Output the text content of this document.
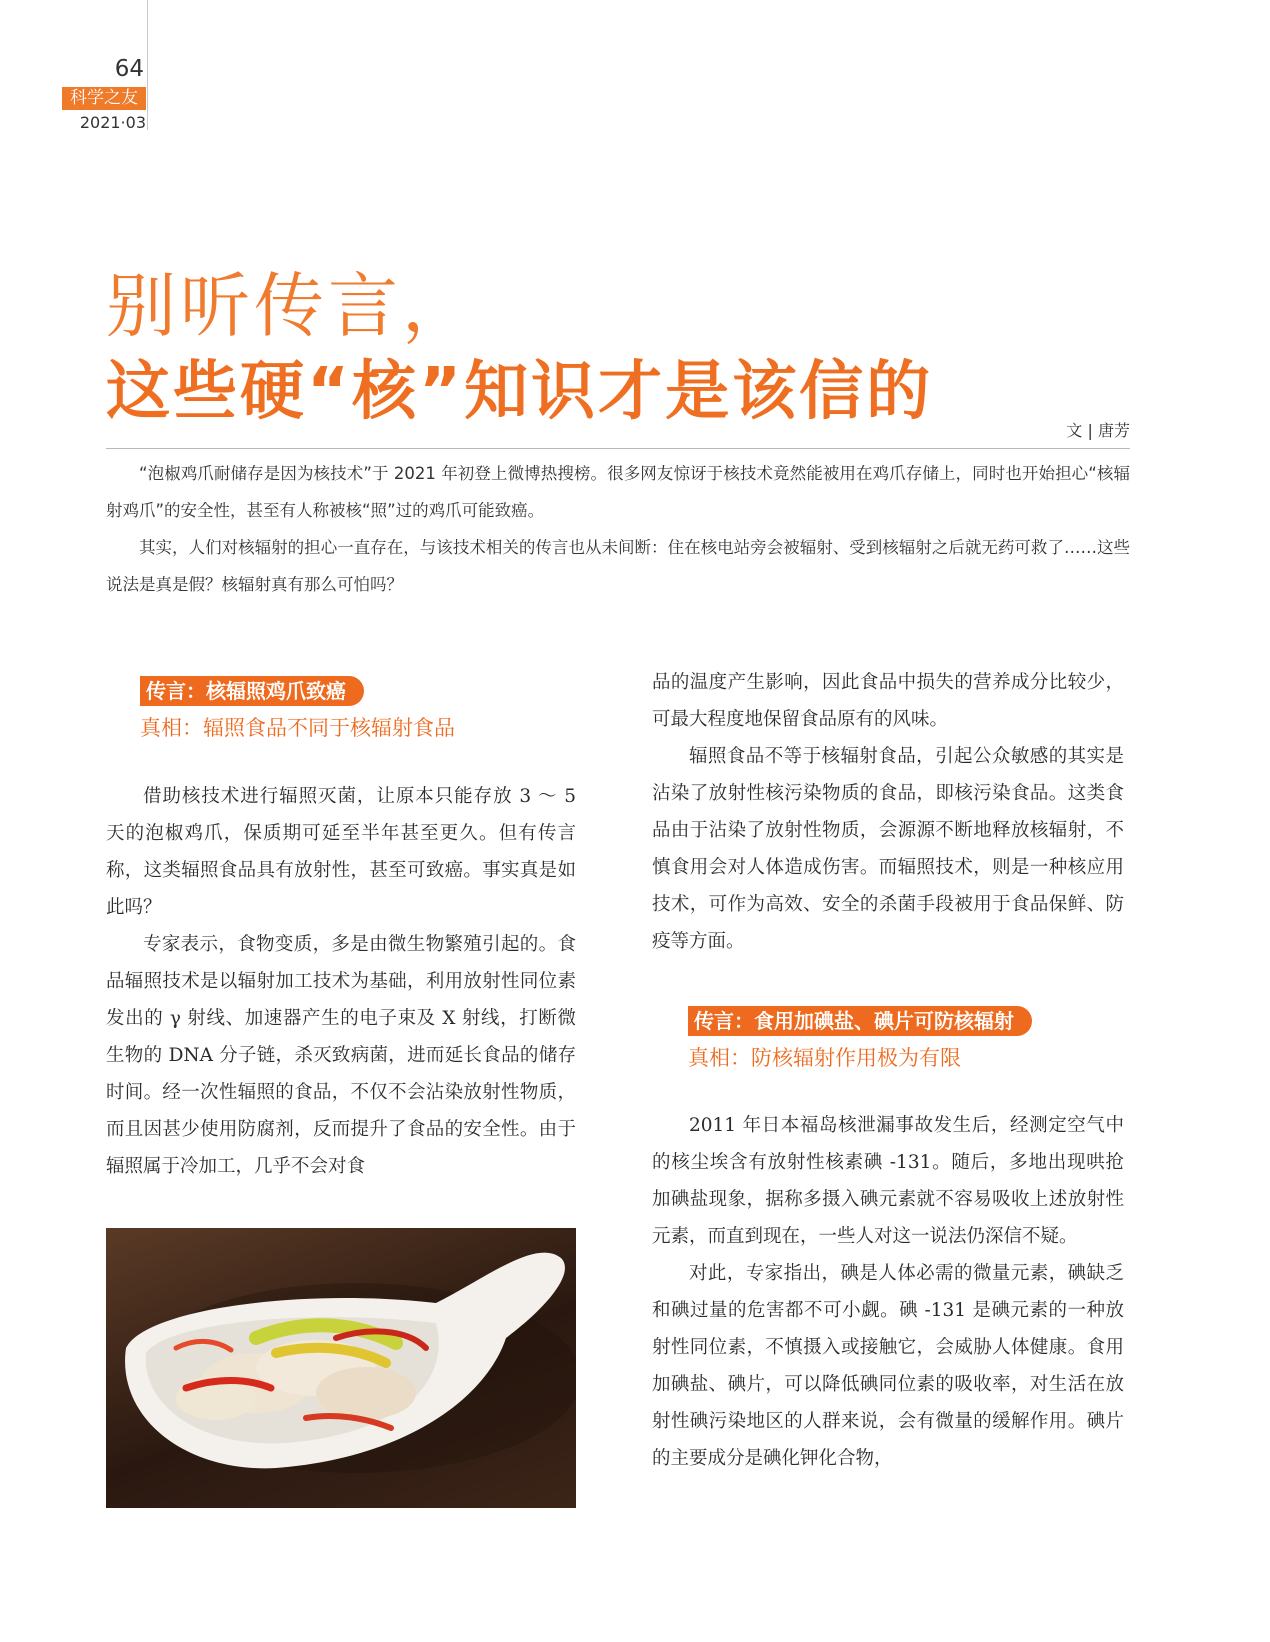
64
科学之友
2021·03
别听传言，
这些硬“核”知识才是该信的
文 | 唐芳

“泡椒鸡爪耐储存是因为核技术”于 2021 年初登上微博热搜榜。很多网友惊讶于核技术竟然能被用在鸡爪存储上，同时也开始担心“核辐射鸡爪”的安全性，甚至有人称被核“照”过的鸡爪可能致癌。

其实，人们对核辐射的担心一直存在，与该技术相关的传言也从未间断：住在核电站旁会被辐射、受到核辐射之后就无药可救了……这些说法是真是假？核辐射真有那么可怕吗？

传言：核辐照鸡爪致癌
真相：辐照食品不同于核辐射食品

借助核技术进行辐照灭菌，让原本只能存放 3 ～ 5 天的泡椒鸡爪，保质期可延至半年甚至更久。但有传言称，这类辐照食品具有放射性，甚至可致癌。事实真是如此吗？

专家表示，食物变质，多是由微生物繁殖引起的。食品辐照技术是以辐射加工技术为基础，利用放射性同位素发出的 γ 射线、加速器产生的电子束及 X 射线，打断微生物的 DNA 分子链，杀灭致病菌，进而延长食品的储存时间。经一次性辐照的食品，不仅不会沾染放射性物质，而且因甚少使用防腐剂，反而提升了食品的安全性。由于辐照属于冷加工，几乎不会对食

品的温度产生影响，因此食品中损失的营养成分比较少，可最大程度地保留食品原有的风味。

辐照食品不等于核辐射食品，引起公众敏感的其实是沾染了放射性核污染物质的食品，即核污染食品。这类食品由于沾染了放射性物质，会源源不断地释放核辐射，不慎食用会对人体造成伤害。而辐照技术，则是一种核应用技术，可作为高效、安全的杀菌手段被用于食品保鲜、防疫等方面。

传言：食用加碘盐、碘片可防核辐射
真相：防核辐射作用极为有限

2011 年日本福岛核泄漏事故发生后，经测定空气中的核尘埃含有放射性核素碘 -131。随后，多地出现哄抢加碘盐现象，据称多摄入碘元素就不容易吸收上述放射性元素，而直到现在，一些人对这一说法仍深信不疑。

对此，专家指出，碘是人体必需的微量元素，碘缺乏和碘过量的危害都不可小觑。碘 -131 是碘元素的一种放射性同位素，不慎摄入或接触它，会威胁人体健康。食用加碘盐、碘片，可以降低碘同位素的吸收率，对生活在放射性碘污染地区的人群来说，会有微量的缓解作用。碘片的主要成分是碘化钾化合物，
